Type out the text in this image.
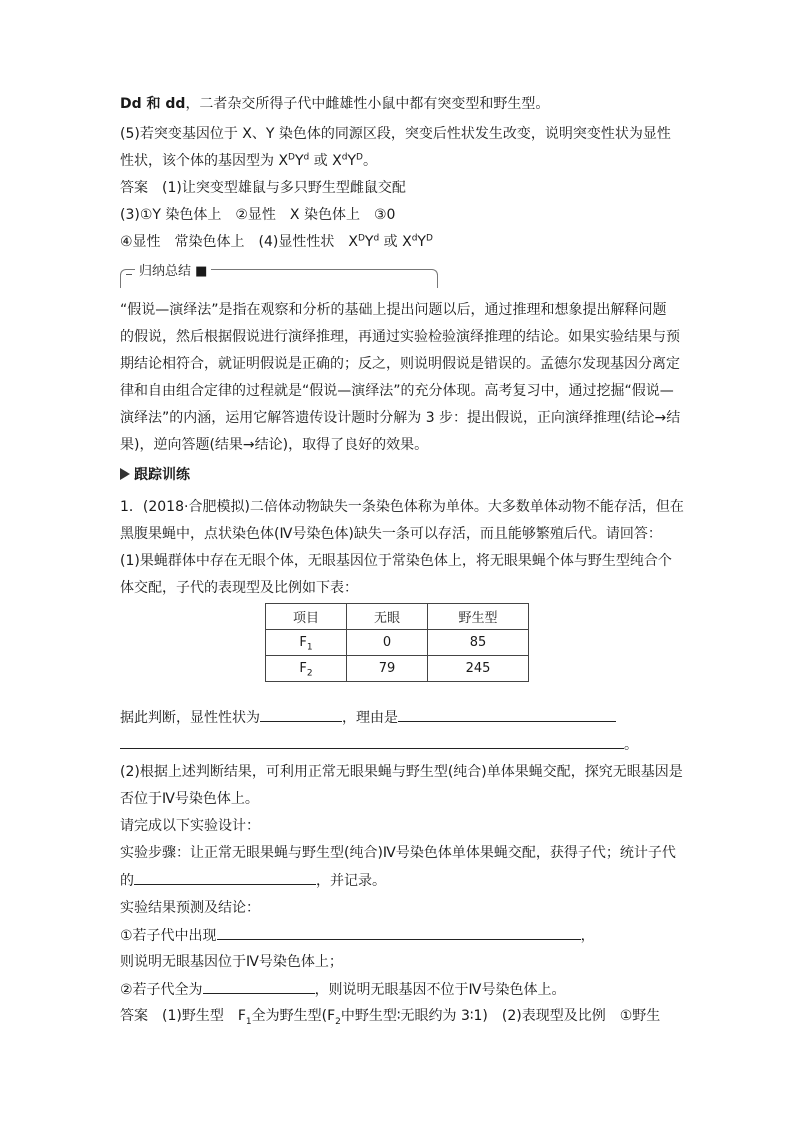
Dd 和 dd，二者杂交所得子代中雌雄性小鼠中都有突变型和野生型。
(5)若突变基因位于 X、Y 染色体的同源区段，突变后性状发生改变，说明突变性状为显性
性状，该个体的基因型为 $X^DY^d$ 或 $X^dY^D$。
答案　 (1)让突变型雄鼠与多只野生型雌鼠交配
(3)①Y 染色体上　②显性　X 染色体上　③0
④显性　常染色体上　(4)显性性状　$X^DY^d$ 或 $X^dY^D$
归纳总结 ■
“假说—演绎法”是指在观察和分析的基础上提出问题以后，通过推理和想象提出解释问题
的假说，然后根据假说进行演绎推理，再通过实验检验演绎推理的结论。如果实验结果与预
期结论相符合，就证明假说是正确的；反之，则说明假说是错误的。孟德尔发现基因分离定
律和自由组合定律的过程就是“假说—演绎法”的充分体现。高考复习中，通过挖掘“假说—
演绎法”的内涵，运用它解答遗传设计题时分解为 3 步：提出假说，正向演绎推理(结论→结
果)，逆向答题(结果→结论)，取得了良好的效果。
跟踪训练
1．(2018·合肥模拟)二倍体动物缺失一条染色体称为单体。大多数单体动物不能存活，但在
黑腹果蝇中，点状染色体(Ⅳ号染色体)缺失一条可以存活，而且能够繁殖后代。请回答：
(1)果蝇群体中存在无眼个体，无眼基因位于常染色体上，将无眼果蝇个体与野生型纯合个
体交配，子代的表现型及比例如下表：
项目	无眼	野生型
$F_1$	0	85
$F_2$	79	245
据此判断，显性性状为	，理由是
。
(2)根据上述判断结果，可利用正常无眼果蝇与野生型(纯合)单体果蝇交配，探究无眼基因是
否位于Ⅳ号染色体上。
请完成以下实验设计：
实验步骤：让正常无眼果蝇与野生型(纯合)Ⅳ号染色体单体果蝇交配，获得子代；统计子代
的	，并记录。
实验结果预测及结论：
①若子代中出现	，
则说明无眼基因位于Ⅳ号染色体上；
②若子代全为	，则说明无眼基因不位于Ⅳ号染色体上。
答案　 (1)野生型　$F_1$全为野生型($F_2$中野生型∶无眼约为 3∶1)　(2)表现型及比例　①野生
